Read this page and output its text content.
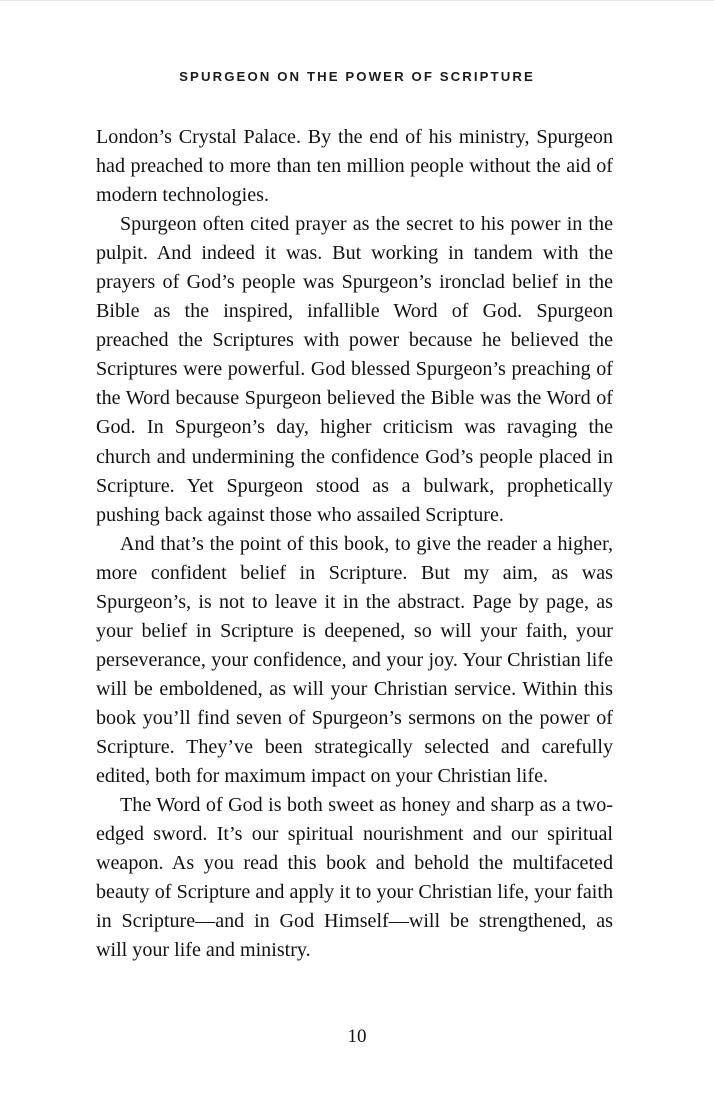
SPURGEON ON THE POWER OF SCRIPTURE

London’s Crystal Palace. By the end of his ministry, Spurgeon had preached to more than ten million people without the aid of modern technologies.

Spurgeon often cited prayer as the secret to his power in the pulpit. And indeed it was. But working in tandem with the prayers of God’s people was Spurgeon’s ironclad belief in the Bible as the inspired, infallible Word of God. Spurgeon preached the Scriptures with power because he believed the Scriptures were powerful. God blessed Spurgeon’s preaching of the Word because Spurgeon believed the Bible was the Word of God. In Spurgeon’s day, higher criticism was ravaging the church and undermining the confidence God’s people placed in Scripture. Yet Spurgeon stood as a bulwark, prophetically pushing back against those who assailed Scripture.

And that’s the point of this book, to give the reader a higher, more confident belief in Scripture. But my aim, as was Spurgeon’s, is not to leave it in the abstract. Page by page, as your belief in Scripture is deepened, so will your faith, your perseverance, your confidence, and your joy. Your Christian life will be emboldened, as will your Christian service. Within this book you’ll find seven of Spurgeon’s sermons on the power of Scripture. They’ve been strategically selected and carefully edited, both for maximum impact on your Christian life.

The Word of God is both sweet as honey and sharp as a two-edged sword. It’s our spiritual nourishment and our spiritual weapon. As you read this book and behold the multifaceted beauty of Scripture and apply it to your Christian life, your faith in Scripture—and in God Himself—will be strengthened, as will your life and ministry.

10
